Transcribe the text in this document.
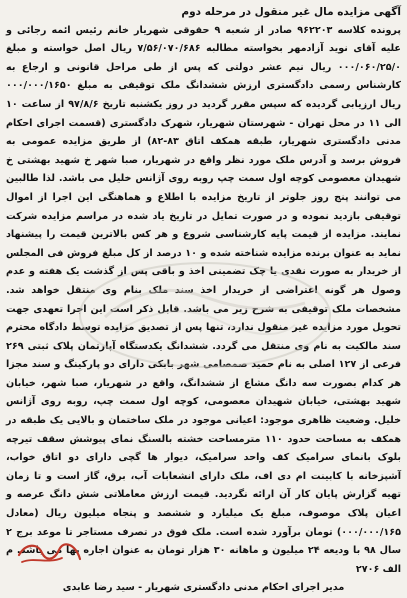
آگهی مزایده مال غیر منقول در مرحله دوم
پرونده کلاسه ۹۶۲۲۰۳ صادر از شعبه ۹ حقوقی شهریار خانم رئیس ائمه رجائی و علیه آقای نوید آزادمهر بخواسته مطالبه ۷/۵۶/۰۷۰/۶۸۶ ریال اصل خواسته و مبلغ ۰۰۰/۰۶۰/۲۵/۰ ریال نیم عشر دولتی که پس از طی مراحل قانونی و ارجاع به کارشناس رسمی دادگستری ارزش ششدانگ ملک توقیفی به مبلغ ۰۰۰/۰۰۰/۱۶۵۰ ریال ارزیابی گردیده که سپس مقرر گردید در روز یکشنبه تاریخ ۹۷/۸/۶ از ساعت ۱۰ الی ۱۱ در محل تهران - شهرستان شهریار، شهرک دادگستری (قسمت اجرای احکام مدنی دادگستری شهریار، طبقه همکف اتاق ۸۳-۸۲) از طریق مزایده عمومی به فروش برسد و آدرس ملک مورد نظر واقع در شهریار، صبا شهر خ شهید بهشتی خ شهیدان معصومی کوچه اول سمت چپ روبه روی آژانس خلیل می باشد. لذا طالبین می توانند پنج روز جلوتر از تاریخ مزایده با اطلاع و هماهنگی این اجرا از اموال توقیفی بازدید نموده و در صورت تمایل در تاریخ یاد شده در مراسم مزایده شرکت نمایند. مزایده از قیمت پایه کارشناسی شروع و هر کس بالاترین قیمت را پیشنهاد نماید به عنوان برنده مزایده شناخته شده و ۱۰ درصد از کل مبلغ فروش فی المجلس از خریدار به صورت نقدی یا چک تضمینی اخذ و باقی پس از گذشت یک هفته و عدم وصول هر گونه اعتراضی از خریدار اخذ سند ملک بنام وی منتقل خواهد شد. مشخصات ملک توقیفی به شرح زیر می باشد. قابل ذکر است این اجرا تعهدی جهت تحویل مورد مزایده غیر منقول ندارد، تنها پس از تصدیق مزایده توسط دادگاه محترم سند مالکیت به نام وی منتقل می گردد. ششدانگ یکدستگاه آپارتمان پلاک ثبتی ۲۶۹ فرعی از ۱۲۷ اصلی به نام حمید صمصامی شهر بابکی دارای دو پارکینگ و سند مجزا هر کدام بصورت سه دانگ مشاع از ششدانگ، واقع در شهریار، صبا شهر، خیابان شهید بهشتی، خیابان شهیدان معصومی، کوچه اول سمت چپ، روبه روی آژانس خلیل. وضعیت ظاهری موجود: اعیانی موجود در ملک ساختمان و بالایی یک طبقه در همکف به مساحت حدود ۱۱۰ مترمساحت خشته بالسنگ نمای پیوشش سقف تیرچه بلوک بانمای سرامیک کف واحد سرامیک، دیوار ها گچی دارای دو اتاق خواب، آشپزخانه با کابینت ام دی اف، ملک دارای انشعابات آب، برق، گاز است و تا زمان تهیه گزارش پایان کار آن ارائه نگردید. قیمت ارزش معاملاتی شش دانگ عرصه و اعیان پلاک موصوف، مبلغ یک میلیارد و ششصد و پنجاه میلیون ریال (معادل ۰۰۰/۰۰۰/۱۶۵) تومان برآورد شده است. ملک فوق در تصرف مستاجر تا موعد برج ۲ سال ۹۸ با ودیعه ۲۴ میلیون و ماهانه ۳۰ هزار تومان به عنوان اجاره بها می باشد. م الف ۲۷۰۶
مدیر اجرای احکام مدنی دادگستری شهریار - سید رضا عابدی
